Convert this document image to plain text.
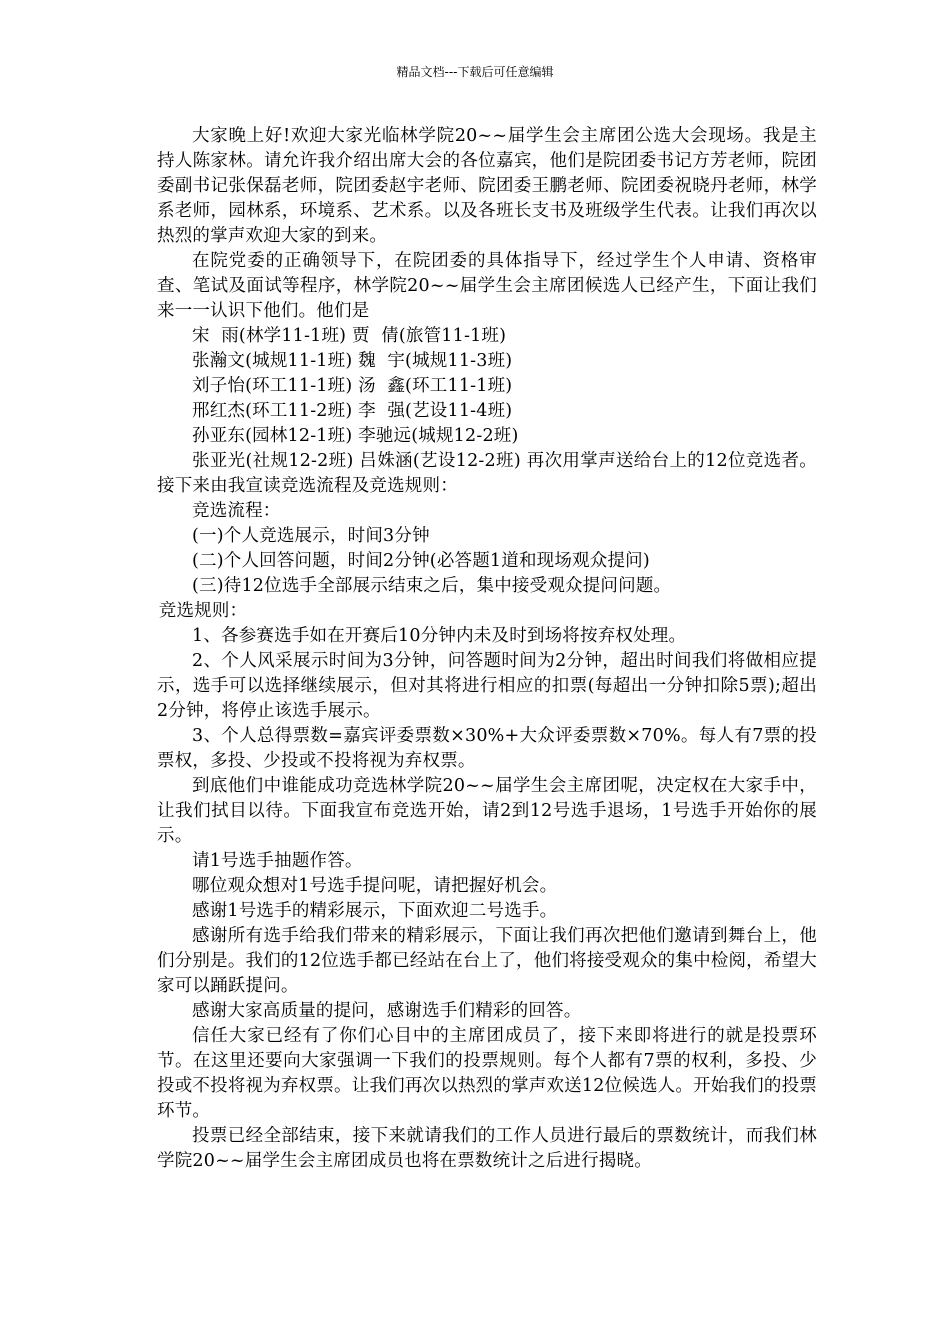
精品文档---下载后可任意编辑

大家晚上好!欢迎大家光临林学院20~~届学生会主席团公选大会现场。我是主持人陈家林。请允许我介绍出席大会的各位嘉宾，他们是院团委书记方芳老师，院团委副书记张保磊老师，院团委赵宇老师、院团委王鹏老师、院团委祝晓丹老师，林学系老师，园林系，环境系、艺术系。以及各班长支书及班级学生代表。让我们再次以热烈的掌声欢迎大家的到来。

在院党委的正确领导下，在院团委的具体指导下，经过学生个人申请、资格审查、笔试及面试等程序，林学院20~~届学生会主席团候选人已经产生，下面让我们来一一认识下他们。他们是

宋  雨(林学11-1班) 贾  倩(旅管11-1班)

张瀚文(城规11-1班) 魏  宇(城规11-3班)

刘子怡(环工11-1班) 汤  鑫(环工11-1班)

邢红杰(环工11-2班) 李  强(艺设11-4班)

孙亚东(园林12-1班) 李驰远(城规12-2班)

张亚光(社规12-2班) 吕姝涵(艺设12-2班) 再次用掌声送给台上的12位竞选者。接下来由我宣读竞选流程及竞选规则：

竞选流程：

(一)个人竞选展示，时间3分钟

(二)个人回答问题，时间2分钟(必答题1道和现场观众提问)

(三)待12位选手全部展示结束之后，集中接受观众提问问题。

竞选规则：

1、各参赛选手如在开赛后10分钟内未及时到场将按弃权处理。

2、个人风采展示时间为3分钟，问答题时间为2分钟，超出时间我们将做相应提示，选手可以选择继续展示，但对其将进行相应的扣票(每超出一分钟扣除5票);超出2分钟，将停止该选手展示。

3、个人总得票数=嘉宾评委票数×30%+大众评委票数×70%。每人有7票的投票权，多投、少投或不投将视为弃权票。

到底他们中谁能成功竞选林学院20~~届学生会主席团呢，决定权在大家手中，让我们拭目以待。下面我宣布竞选开始，请2到12号选手退场，1号选手开始你的展示。

请1号选手抽题作答。

哪位观众想对1号选手提问呢，请把握好机会。

感谢1号选手的精彩展示，下面欢迎二号选手。

感谢所有选手给我们带来的精彩展示，下面让我们再次把他们邀请到舞台上，他们分别是。我们的12位选手都已经站在台上了，他们将接受观众的集中检阅，希望大家可以踊跃提问。

感谢大家高质量的提问，感谢选手们精彩的回答。

信任大家已经有了你们心目中的主席团成员了，接下来即将进行的就是投票环节。在这里还要向大家强调一下我们的投票规则。每个人都有7票的权利，多投、少投或不投将视为弃权票。让我们再次以热烈的掌声欢送12位候选人。开始我们的投票环节。

投票已经全部结束，接下来就请我们的工作人员进行最后的票数统计，而我们林学院20~~届学生会主席团成员也将在票数统计之后进行揭晓。
